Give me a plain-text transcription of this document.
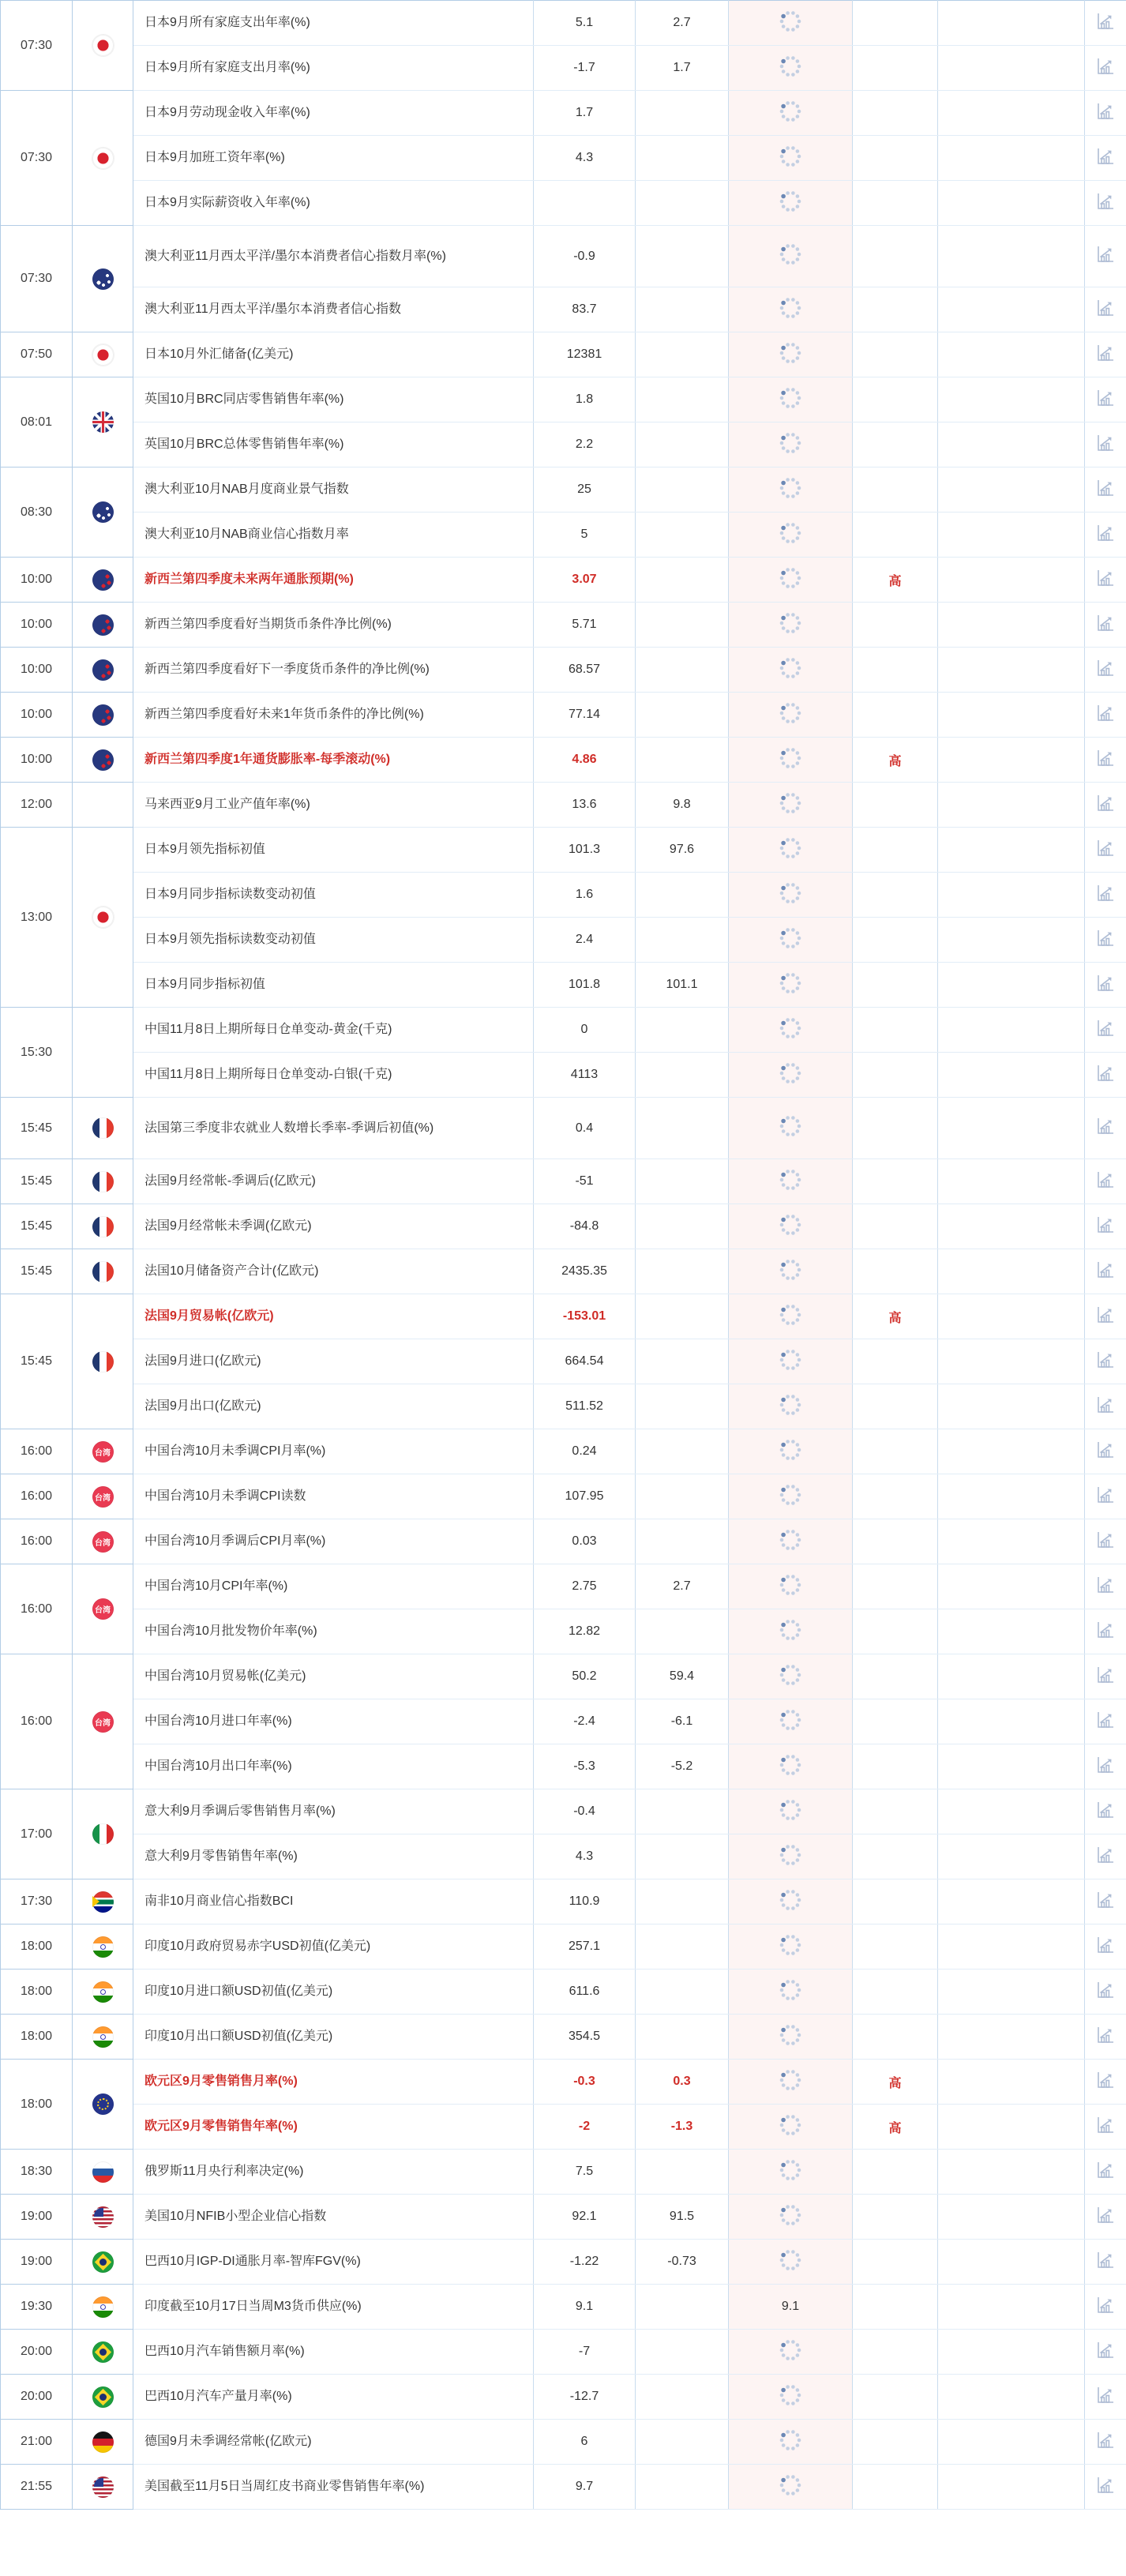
07:30		日本9月所有家庭支出年率(%)	5.1	2.7				
		日本9月所有家庭支出月率(%)	-1.7	1.7				
07:30		日本9月劳动现金收入年率(%)	1.7					
		日本9月加班工资年率(%)	4.3					
		日本9月实际薪资收入年率(%)						
07:30		澳大利亚11月西太平洋/墨尔本消费者信心指数月率(%)	-0.9					
		澳大利亚11月西太平洋/墨尔本消费者信心指数	83.7					
07:50		日本10月外汇储备(亿美元)	12381					
08:01		英国10月BRC同店零售销售年率(%)	1.8					
		英国10月BRC总体零售销售年率(%)	2.2					
08:30		澳大利亚10月NAB月度商业景气指数	25					
		澳大利亚10月NAB商业信心指数月率	5					
10:00		新西兰第四季度未来两年通胀预期(%)	3.07			高		
10:00		新西兰第四季度看好当期货币条件净比例(%)	5.71					
10:00		新西兰第四季度看好下一季度货币条件的净比例(%)	68.57					
10:00		新西兰第四季度看好未来1年货币条件的净比例(%)	77.14					
10:00		新西兰第四季度1年通货膨胀率-每季滚动(%)	4.86			高		
12:00		马来西亚9月工业产值年率(%)	13.6	9.8				
13:00		日本9月领先指标初值	101.3	97.6				
		日本9月同步指标读数变动初值	1.6					
		日本9月领先指标读数变动初值	2.4					
		日本9月同步指标初值	101.8	101.1				
15:30		中国11月8日上期所每日仓单变动-黄金(千克)	0					
		中国11月8日上期所每日仓单变动-白银(千克)	4113					
15:45		法国第三季度非农就业人数增长季率-季调后初值(%)	0.4					
15:45		法国9月经常帐-季调后(亿欧元)	-51					
15:45		法国9月经常帐未季调(亿欧元)	-84.8					
15:45		法国10月储备资产合计(亿欧元)	2435.35					
15:45		法国9月贸易帐(亿欧元)	-153.01			高		
		法国9月进口(亿欧元)	664.54					
		法国9月出口(亿欧元)	511.52					
16:00	台湾	中国台湾10月未季调CPI月率(%)	0.24					
16:00	台湾	中国台湾10月未季调CPI读数	107.95					
16:00	台湾	中国台湾10月季调后CPI月率(%)	0.03					
16:00	台湾	中国台湾10月CPI年率(%)	2.75	2.7				
		中国台湾10月批发物价年率(%)	12.82					
16:00	台湾	中国台湾10月贸易帐(亿美元)	50.2	59.4				
		中国台湾10月进口年率(%)	-2.4	-6.1				
		中国台湾10月出口年率(%)	-5.3	-5.2				
17:00		意大利9月季调后零售销售月率(%)	-0.4					
		意大利9月零售销售年率(%)	4.3					
17:30		南非10月商业信心指数BCI	110.9					
18:00		印度10月政府贸易赤字USD初值(亿美元)	257.1					
18:00		印度10月进口额USD初值(亿美元)	611.6					
18:00		印度10月出口额USD初值(亿美元)	354.5					
18:00		欧元区9月零售销售月率(%)	-0.3	0.3		高		
		欧元区9月零售销售年率(%)	-2	-1.3		高		
18:30		俄罗斯11月央行利率决定(%)	7.5					
19:00		美国10月NFIB小型企业信心指数	92.1	91.5				
19:00		巴西10月IGP-DI通胀月率-智库FGV(%)	-1.22	-0.73				
19:30		印度截至10月17日当周M3货币供应(%)	9.1		9.1			
20:00		巴西10月汽车销售额月率(%)	-7					
20:00		巴西10月汽车产量月率(%)	-12.7					
21:00		德国9月未季调经常帐(亿欧元)	6					
21:55		美国截至11月5日当周红皮书商业零售销售年率(%)	9.7					
